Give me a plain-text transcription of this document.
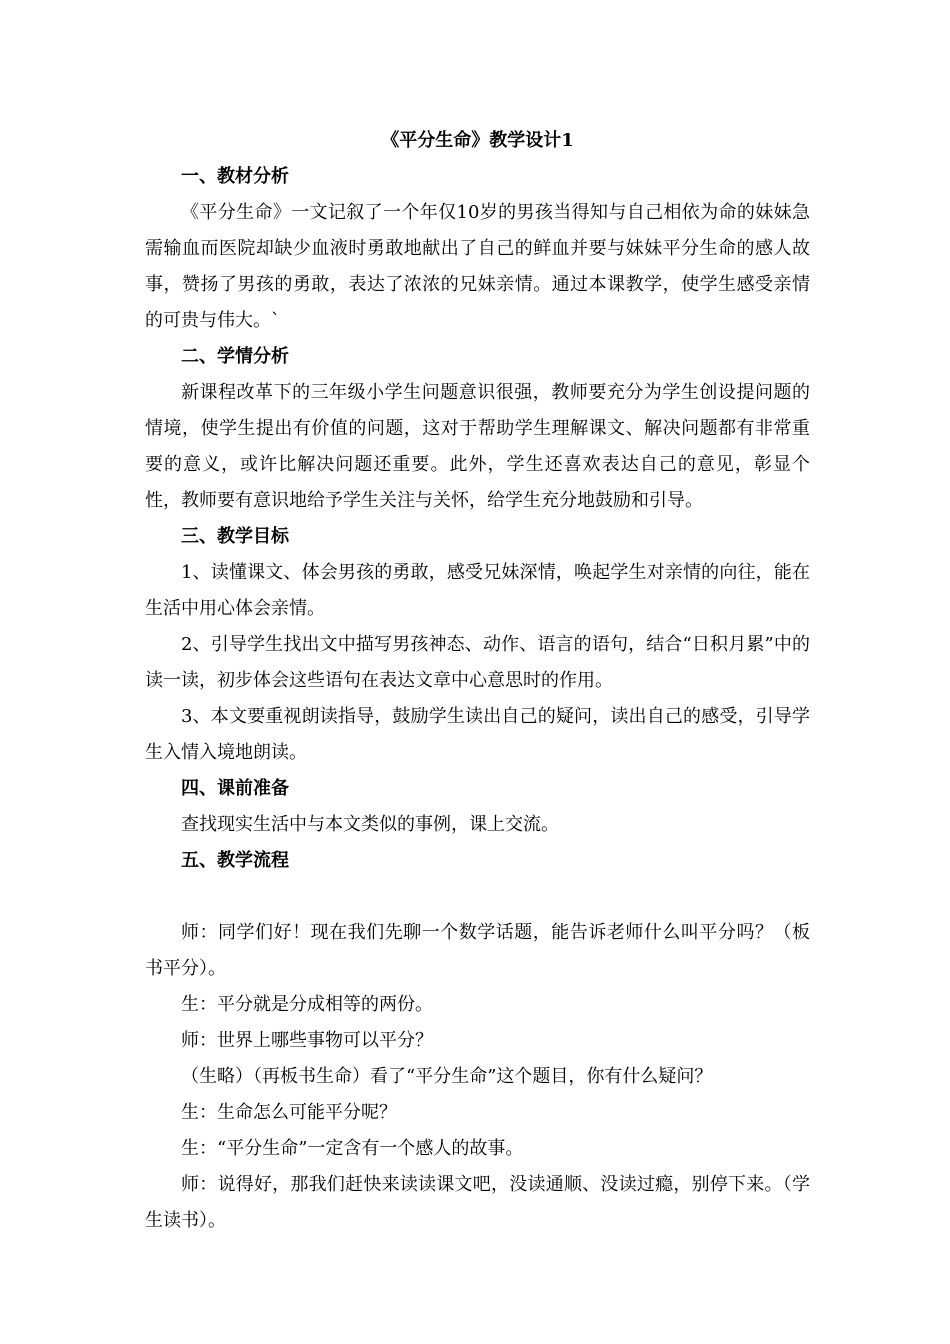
《平分生命》教学设计1
一、教材分析

《平分生命》一文记叙了一个年仅10岁的男孩当得知与自己相依为命的妹妹急需输血而医院却缺少血液时勇敢地献出了自己的鲜血并要与妹妹平分生命的感人故事，赞扬了男孩的勇敢，表达了浓浓的兄妹亲情。通过本课教学，使学生感受亲情的可贵与伟大。`

二、学情分析

新课程改革下的三年级小学生问题意识很强，教师要充分为学生创设提问题的情境，使学生提出有价值的问题，这对于帮助学生理解课文、解决问题都有非常重要的意义，或许比解决问题还重要。此外，学生还喜欢表达自己的意见，彰显个性，教师要有意识地给予学生关注与关怀，给学生充分地鼓励和引导。

三、教学目标

1、读懂课文、体会男孩的勇敢，感受兄妹深情，唤起学生对亲情的向往，能在生活中用心体会亲情。

2、引导学生找出文中描写男孩神态、动作、语言的语句，结合“日积月累”中的读一读，初步体会这些语句在表达文章中心意思时的作用。

3、本文要重视朗读指导，鼓励学生读出自己的疑问，读出自己的感受，引导学生入情入境地朗读。

四、课前准备

查找现实生活中与本文类似的事例，课上交流。

五、教学流程

师：同学们好！现在我们先聊一个数学话题，能告诉老师什么叫平分吗？（板书平分）。

生：平分就是分成相等的两份。

师：世界上哪些事物可以平分？

（生略）（再板书生命）看了“平分生命”这个题目，你有什么疑问？

生：生命怎么可能平分呢？

生：“平分生命”一定含有一个感人的故事。

师：说得好，那我们赶快来读读课文吧，没读通顺、没读过瘾，别停下来。（学生读书）。
